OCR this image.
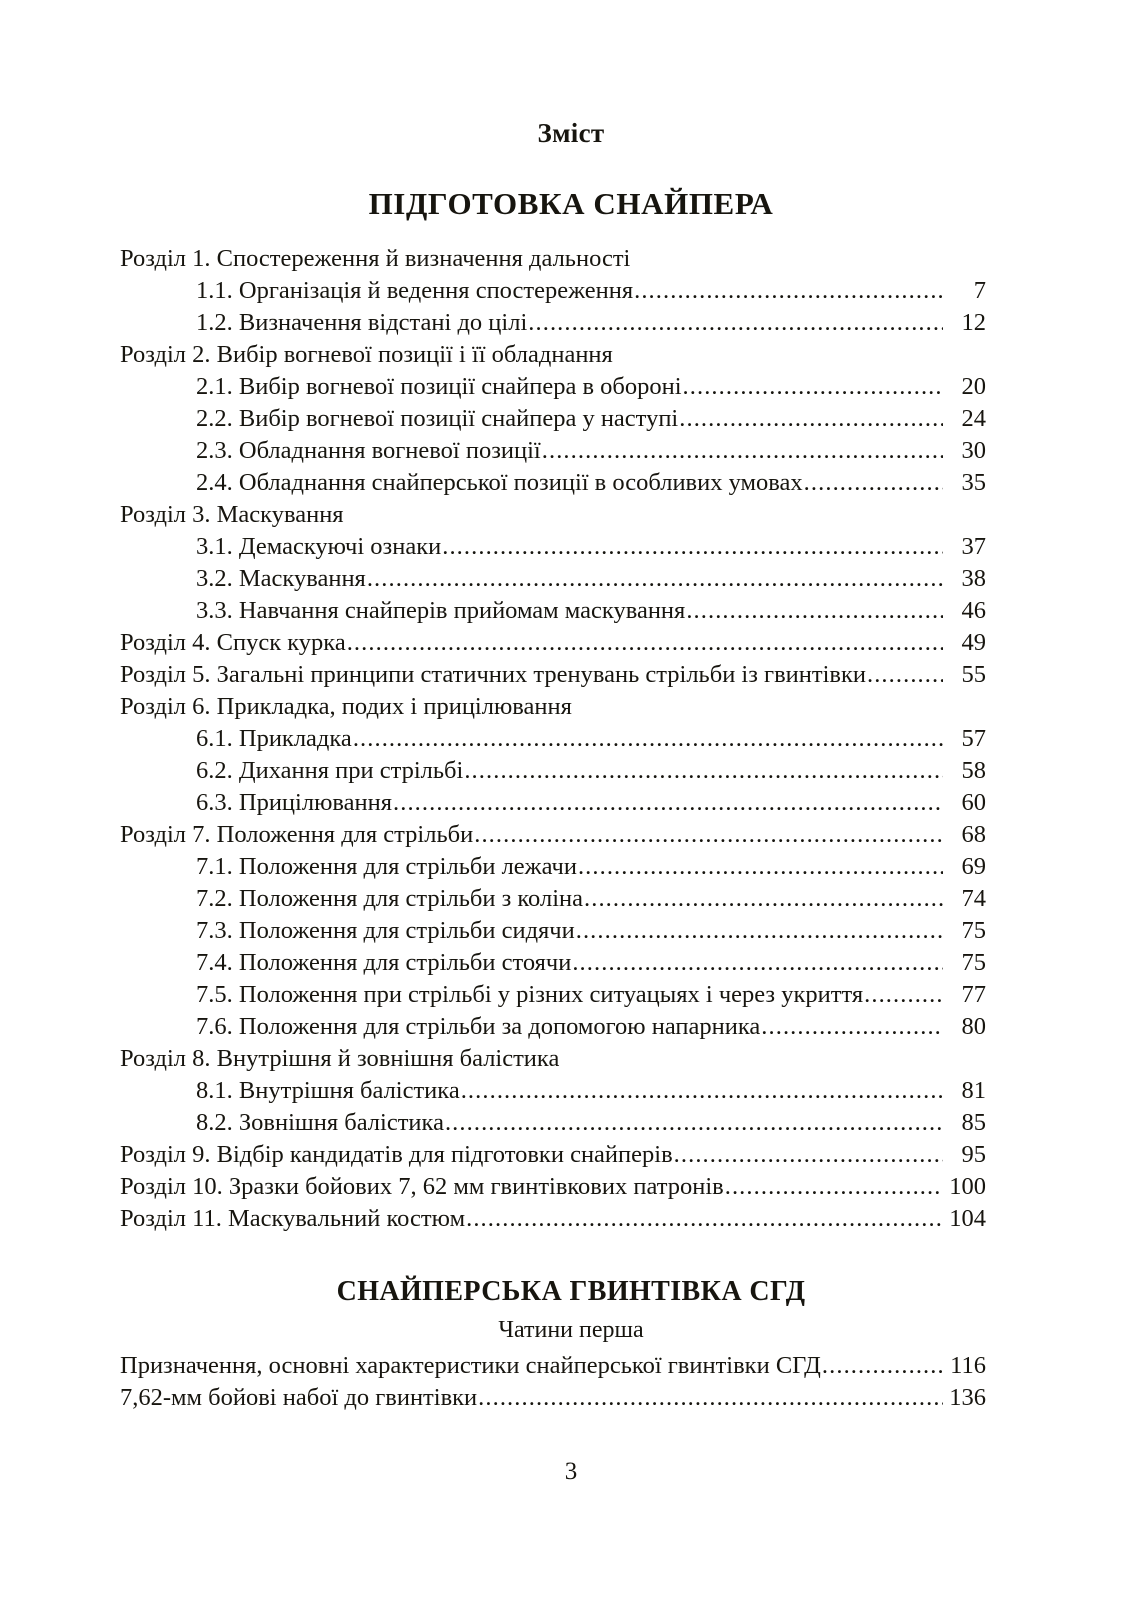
Зміст
ПІДГОТОВКА СНАЙПЕРА
Розділ 1. Спостереження й визначення дальності
1.1. Організація й ведення спостереження .....	7
1.2. Визначення відстані до цілі .....	12
Розділ 2. Вибір вогневої позиції і її обладнання
2.1. Вибір вогневої позиції снайпера в обороні .....	20
2.2. Вибір вогневої позиції снайпера у наступі .....	24
2.3. Обладнання вогневої позиції .....	30
2.4. Обладнання снайперської позиції в особливих умовах .....	35
Розділ 3. Маскування
3.1. Демаскуючі ознаки .....	37
3.2. Маскування .....	38
3.3. Навчання снайперів прийомам маскування .....	46
Розділ 4. Спуск курка .....	49
Розділ 5. Загальні принципи статичних тренувань стрільби із гвинтівки .....	55
Розділ 6. Прикладка, подих і прицілювання
6.1. Прикладка .....	57
6.2. Дихання при стрільбі .....	58
6.3. Прицілювання .....	60
Розділ 7. Положення для стрільби .....	68
7.1. Положення для стрільби лежачи .....	69
7.2. Положення для стрільби з коліна .....	74
7.3. Положення для стрільби сидячи .....	75
7.4. Положення для стрільби стоячи .....	75
7.5. Положення при стрільбі у різних ситуацыях і через укриття .....	77
7.6. Положення для стрільби за допомогою напарника .....	80
Розділ 8. Внутрішня й зовнішня балістика
8.1. Внутрішня балістика .....	81
8.2. Зовнішня балістика .....	85
Розділ 9. Відбір кандидатів для підготовки снайперів .....	95
Розділ 10. Зразки бойових 7, 62 мм гвинтівкових патронів .....	100
Розділ 11. Маскувальний костюм .....	104
СНАЙПЕРСЬКА ГВИНТІВКА СГД
Чатини перша
Призначення, основні характеристики снайперської гвинтівки СГД .....	116
7,62-мм бойові набої до гвинтівки .....	136
3
